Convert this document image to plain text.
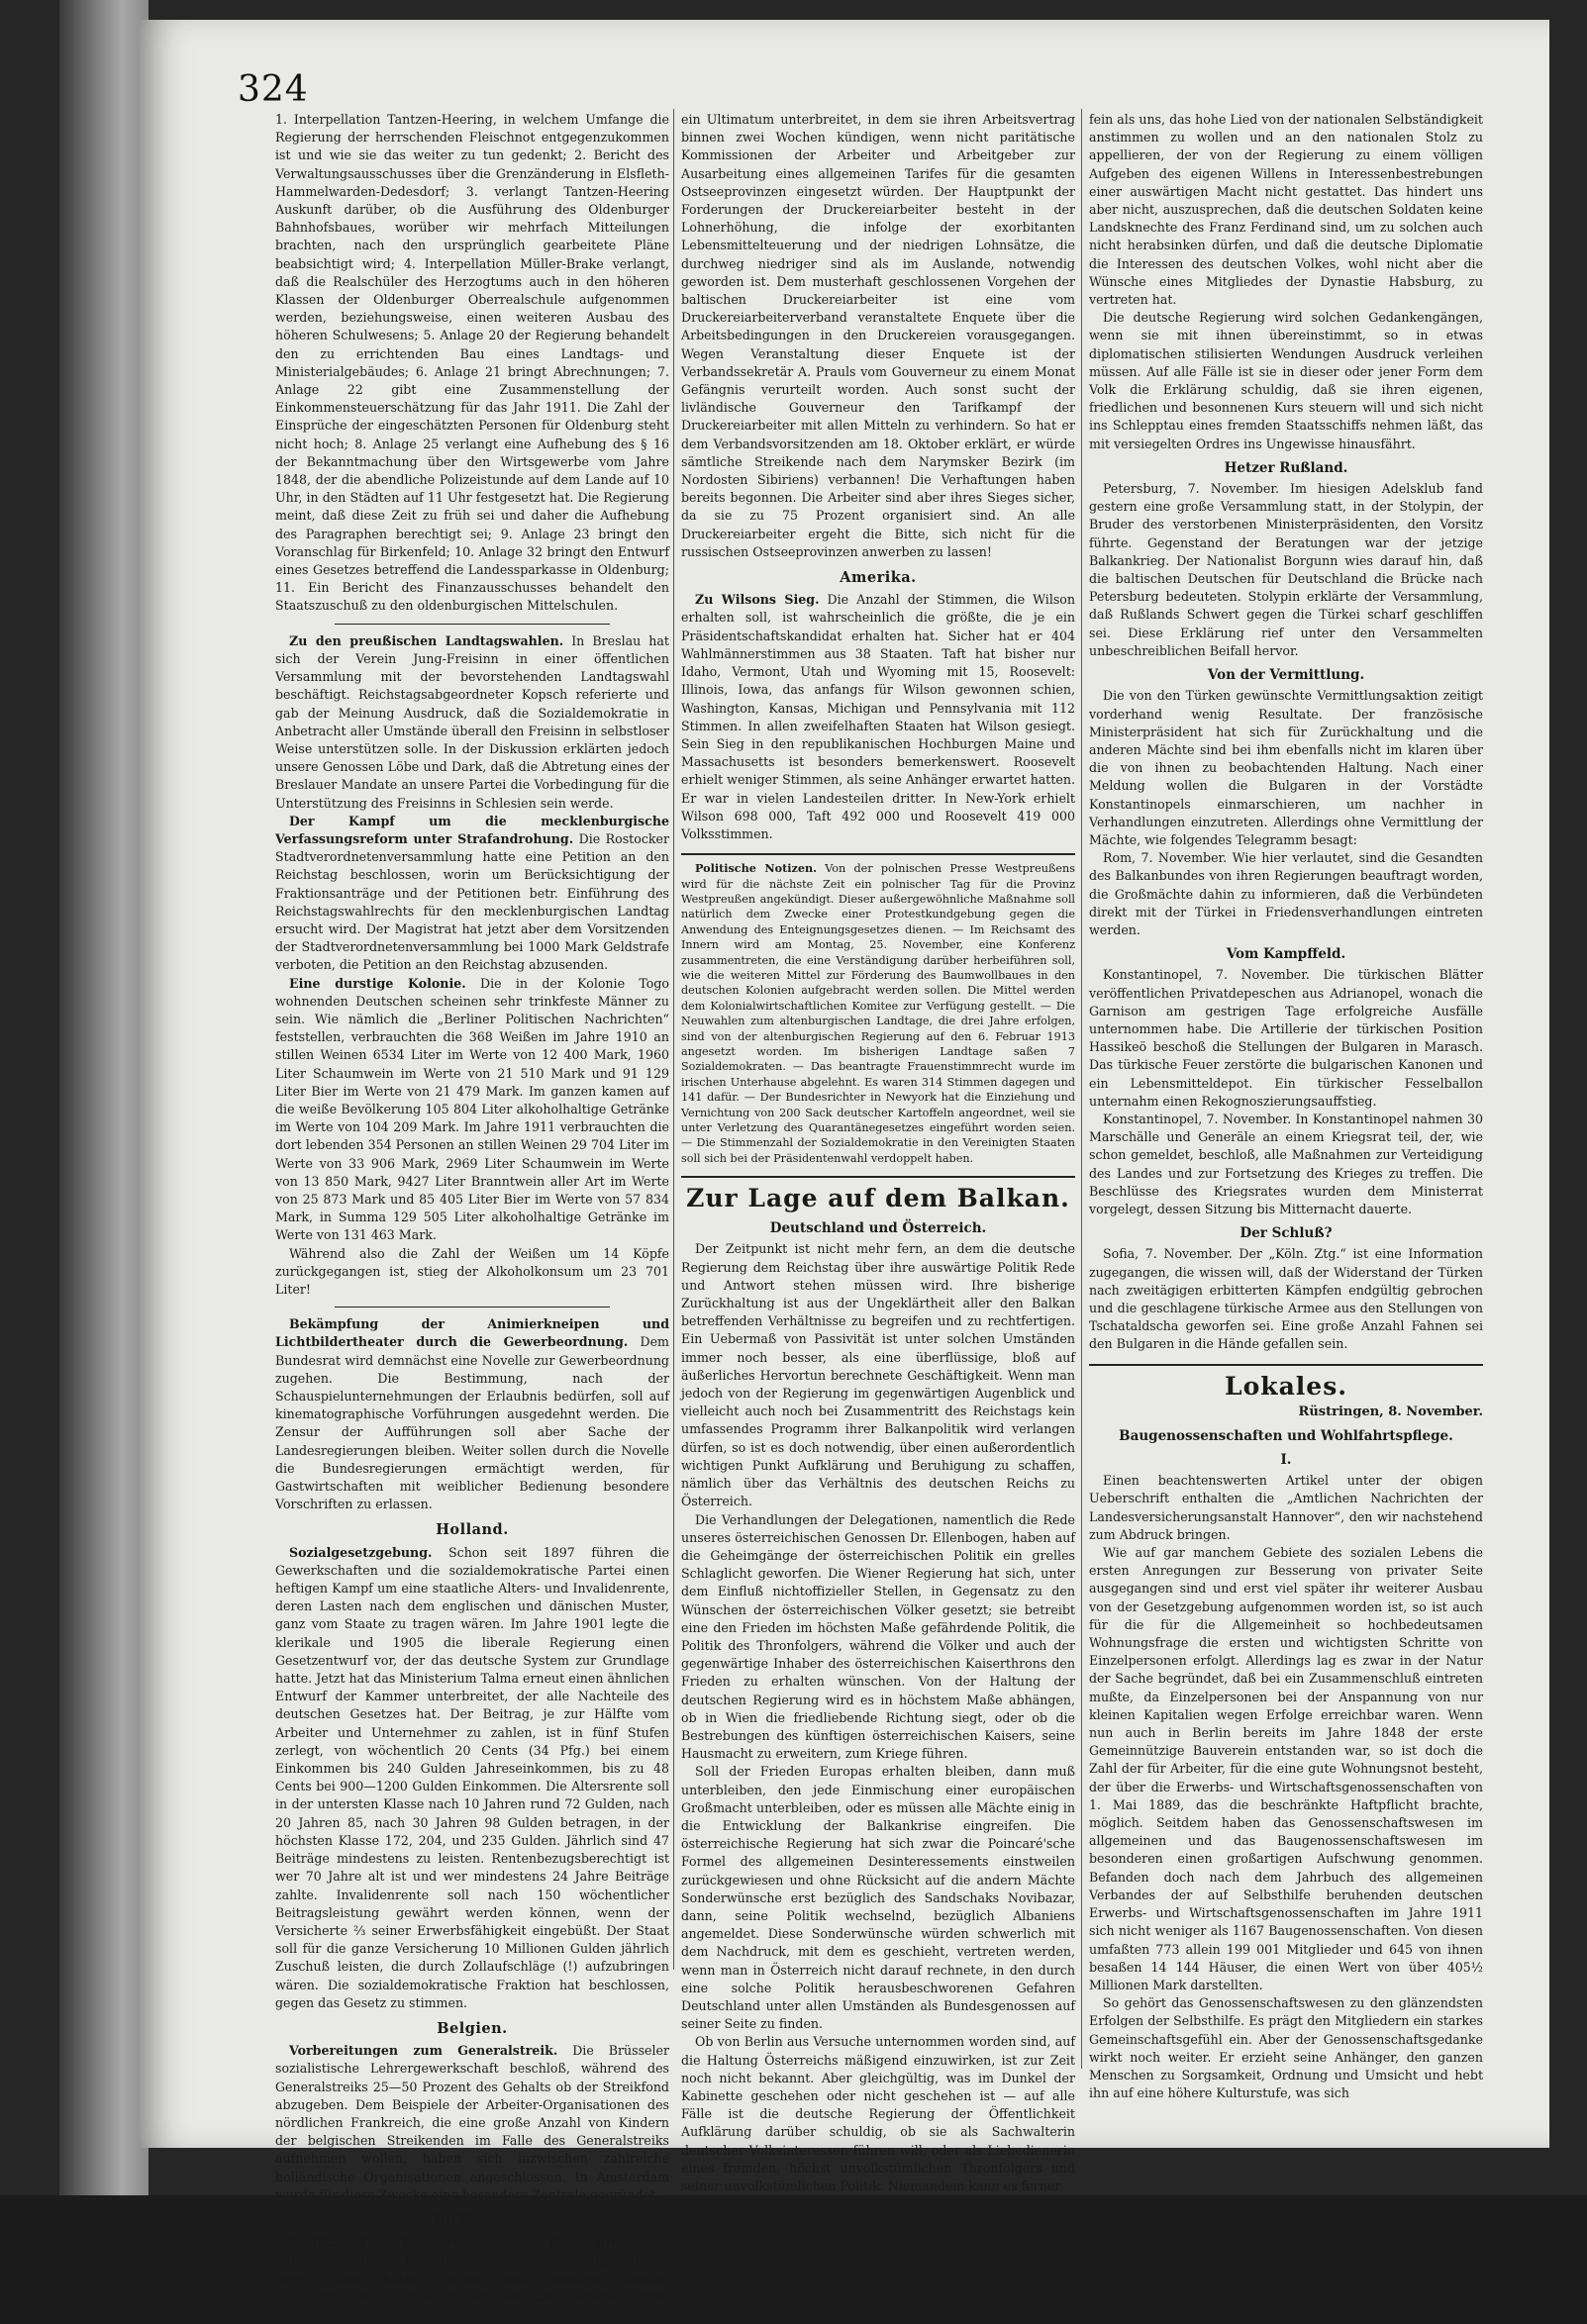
324

1. Interpellation Tantzen-Heering, in welchem Umfange die Regierung der herrschenden Fleischnot entgegenzukommen ist und wie sie das weiter zu tun gedenkt; 2. Bericht des Verwaltungsausschusses über die Grenzänderung in Elsfleth-Hammelwarden-Dedesdorf; 3. verlangt Tantzen-Heering Auskunft darüber, ob die Ausführung des Oldenburger Bahnhofsbaues, worüber wir mehrfach Mitteilungen brachten, nach den ursprünglich gearbeitete Pläne beabsichtigt wird; 4. Interpellation Müller-Brake verlangt, daß die Realschüler des Herzogtums auch in den höheren Klassen der Oldenburger Oberrealschule aufgenommen werden, beziehungsweise, einen weiteren Ausbau des höheren Schulwesens; 5. Anlage 20 der Regierung behandelt den zu errichtenden Bau eines Landtags- und Ministerialgebäudes; 6. Anlage 21 bringt Abrechnungen; 7. Anlage 22 gibt eine Zusammenstellung der Einkommensteuerschätzung für das Jahr 1911. Die Zahl der Einsprüche der eingeschätzten Personen für Oldenburg steht nicht hoch; 8. Anlage 25 verlangt eine Aufhebung des § 16 der Bekanntmachung über den Wirtsgewerbe vom Jahre 1848, der die abendliche Polizeistunde auf dem Lande auf 10 Uhr, in den Städten auf 11 Uhr festgesetzt hat. Die Regierung meint, daß diese Zeit zu früh sei und daher die Aufhebung des Paragraphen berechtigt sei; 9. Anlage 23 bringt den Voranschlag für Birkenfeld; 10. Anlage 32 bringt den Entwurf eines Gesetzes betreffend die Landessparkasse in Oldenburg; 11. Ein Bericht des Finanzausschusses behandelt den Staatszuschuß zu den oldenburgischen Mittelschulen.

Zu den preußischen Landtagswahlen. In Breslau hat sich der Verein Jung-Freisinn in einer öffentlichen Versammlung mit der bevorstehenden Landtagswahl beschäftigt. Reichstagsabgeordneter Kopsch referierte und gab der Meinung Ausdruck, daß die Sozialdemokratie in Anbetracht aller Umstände überall den Freisinn in selbstloser Weise unterstützen solle. In der Diskussion erklärten jedoch unsere Genossen Löbe und Dark, daß die Abtretung eines der Breslauer Mandate an unsere Partei die Vorbedingung für die Unterstützung des Freisinns in Schlesien sein werde.

Der Kampf um die mecklenburgische Verfassungsreform unter Strafandrohung. Die Rostocker Stadtverordnetenversammlung hatte eine Petition an den Reichstag beschlossen, worin um Berücksichtigung der Fraktionsanträge und der Petitionen betr. Einführung des Reichstagswahlrechts für den mecklenburgischen Landtag ersucht wird. Der Magistrat hat jetzt aber dem Vorsitzenden der Stadtverordnetenversammlung bei 1000 Mark Geldstrafe verboten, die Petition an den Reichstag abzusenden.

Eine durstige Kolonie. Die in der Kolonie Togo wohnenden Deutschen scheinen sehr trinkfeste Männer zu sein. Wie nämlich die „Berliner Politischen Nachrichten“ feststellen, verbrauchten die 368 Weißen im Jahre 1910 an stillen Weinen 6534 Liter im Werte von 12 400 Mark, 1960 Liter Schaumwein im Werte von 21 510 Mark und 91 129 Liter Bier im Werte von 21 479 Mark. Im ganzen kamen auf die weiße Bevölkerung 105 804 Liter alkoholhaltige Getränke im Werte von 104 209 Mark. Im Jahre 1911 verbrauchten die dort lebenden 354 Personen an stillen Weinen 29 704 Liter im Werte von 33 906 Mark, 2969 Liter Schaumwein im Werte von 13 850 Mark, 9427 Liter Branntwein aller Art im Werte von 25 873 Mark und 85 405 Liter Bier im Werte von 57 834 Mark, in Summa 129 505 Liter alkoholhaltige Getränke im Werte von 131 463 Mark.

Während also die Zahl der Weißen um 14 Köpfe zurückgegangen ist, stieg der Alkoholkonsum um 23 701 Liter!

Bekämpfung der Animierkneipen und Lichtbildertheater durch die Gewerbeordnung. Dem Bundesrat wird demnächst eine Novelle zur Gewerbeordnung zugehen. Die Bestimmung, nach der Schauspielunternehmungen der Erlaubnis bedürfen, soll auf kinematographische Vorführungen ausgedehnt werden. Die Zensur der Aufführungen soll aber Sache der Landesregierungen bleiben. Weiter sollen durch die Novelle die Bundesregierungen ermächtigt werden, für Gastwirtschaften mit weiblicher Bedienung besondere Vorschriften zu erlassen.

Holland.

Sozialgesetzgebung. Schon seit 1897 führen die Gewerkschaften und die sozialdemokratische Partei einen heftigen Kampf um eine staatliche Alters- und Invalidenrente, deren Lasten nach dem englischen und dänischen Muster, ganz vom Staate zu tragen wären. Im Jahre 1901 legte die klerikale und 1905 die liberale Regierung einen Gesetzentwurf vor, der das deutsche System zur Grundlage hatte. Jetzt hat das Ministerium Talma erneut einen ähnlichen Entwurf der Kammer unterbreitet, der alle Nachteile des deutschen Gesetzes hat. Der Beitrag, je zur Hälfte vom Arbeiter und Unternehmer zu zahlen, ist in fünf Stufen zerlegt, von wöchentlich 20 Cents (34 Pfg.) bei einem Einkommen bis 240 Gulden Jahreseinkommen, bis zu 48 Cents bei 900—1200 Gulden Einkommen. Die Altersrente soll in der untersten Klasse nach 10 Jahren rund 72 Gulden, nach 20 Jahren 85, nach 30 Jahren 98 Gulden betragen, in der höchsten Klasse 172, 204, und 235 Gulden. Jährlich sind 47 Beiträge mindestens zu leisten. Rentenbezugsberechtigt ist wer 70 Jahre alt ist und wer mindestens 24 Jahre Beiträge zahlte. Invalidenrente soll nach 150 wöchentlicher Beitragsleistung gewährt werden können, wenn der Versicherte ⅔ seiner Erwerbsfähigkeit eingebüßt. Der Staat soll für die ganze Versicherung 10 Millionen Gulden jährlich Zuschuß leisten, die durch Zollaufschläge (!) aufzubringen wären. Die sozialdemokratische Fraktion hat beschlossen, gegen das Gesetz zu stimmen.

Belgien.

Vorbereitungen zum Generalstreik. Die Brüsseler sozialistische Lehrergewerkschaft beschloß, während des Generalstreiks 25—50 Prozent des Gehalts ob der Streikfond abzugeben. Dem Beispiele der Arbeiter-Organisationen des nördlichen Frankreich, die eine große Anzahl von Kindern der belgischen Streikenden im Falle des Generalstreiks aufnehmen wollen, haben sich inzwischen zahlreiche holländische Organisationen angeschlossen. In Amsterdam wurde für diese Zwecke eine besondere Zentrale gegründet.

Rußland.

Tarifkampf der Buchdrucker in den Ostseeprovinzen. Sämtliche Arbeiter des Druckereigewerbes in Riga, Jurjew, Reval, Libau, Mitau, Pernau, Walk, Wenden, Wolmar, Goldingen und Schlok haben am 26. Oktober ihren Arbeitgebern

ein Ultimatum unterbreitet, in dem sie ihren Arbeitsvertrag binnen zwei Wochen kündigen, wenn nicht paritätische Kommissionen der Arbeiter und Arbeitgeber zur Ausarbeitung eines allgemeinen Tarifes für die gesamten Ostseeprovinzen eingesetzt würden. Der Hauptpunkt der Forderungen der Druckereiarbeiter besteht in der Lohnerhöhung, die infolge der exorbitanten Lebensmittelteuerung und der niedrigen Lohnsätze, die durchweg niedriger sind als im Auslande, notwendig geworden ist. Dem musterhaft geschlossenen Vorgehen der baltischen Druckereiarbeiter ist eine vom Druckereiarbeiterverband veranstaltete Enquete über die Arbeitsbedingungen in den Druckereien vorausgegangen. Wegen Veranstaltung dieser Enquete ist der Verbandssekretär A. Prauls vom Gouverneur zu einem Monat Gefängnis verurteilt worden. Auch sonst sucht der livländische Gouverneur den Tarifkampf der Druckereiarbeiter mit allen Mitteln zu verhindern. So hat er dem Verbandsvorsitzenden am 18. Oktober erklärt, er würde sämtliche Streikende nach dem Narymsker Bezirk (im Nordosten Sibiriens) verbannen! Die Verhaftungen haben bereits begonnen. Die Arbeiter sind aber ihres Sieges sicher, da sie zu 75 Prozent organisiert sind. An alle Druckereiarbeiter ergeht die Bitte, sich nicht für die russischen Ostseeprovinzen anwerben zu lassen!

Amerika.

Zu Wilsons Sieg. Die Anzahl der Stimmen, die Wilson erhalten soll, ist wahrscheinlich die größte, die je ein Präsidentschaftskandidat erhalten hat. Sicher hat er 404 Wahlmännerstimmen aus 38 Staaten. Taft hat bisher nur Idaho, Vermont, Utah und Wyoming mit 15, Roosevelt: Illinois, Iowa, das anfangs für Wilson gewonnen schien, Washington, Kansas, Michigan und Pennsylvania mit 112 Stimmen. In allen zweifelhaften Staaten hat Wilson gesiegt. Sein Sieg in den republikanischen Hochburgen Maine und Massachusetts ist besonders bemerkenswert. Roosevelt erhielt weniger Stimmen, als seine Anhänger erwartet hatten. Er war in vielen Landesteilen dritter. In New-York erhielt Wilson 698 000, Taft 492 000 und Roosevelt 419 000 Volksstimmen.

Politische Notizen. Von der polnischen Presse Westpreußens wird für die nächste Zeit ein polnischer Tag für die Provinz Westpreußen angekündigt. Dieser außergewöhnliche Maßnahme soll natürlich dem Zwecke einer Protestkundgebung gegen die Anwendung des Enteignungsgesetzes dienen. — Im Reichsamt des Innern wird am Montag, 25. November, eine Konferenz zusammentreten, die eine Verständigung darüber herbeiführen soll, wie die weiteren Mittel zur Förderung des Baumwollbaues in den deutschen Kolonien aufgebracht werden sollen. Die Mittel werden dem Kolonialwirtschaftlichen Komitee zur Verfügung gestellt. — Die Neuwahlen zum altenburgischen Landtage, die drei Jahre erfolgen, sind von der altenburgischen Regierung auf den 6. Februar 1913 angesetzt worden. Im bisherigen Landtage saßen 7 Sozialdemokraten. — Das beantragte Frauenstimmrecht wurde im irischen Unterhause abgelehnt. Es waren 314 Stimmen dagegen und 141 dafür. — Der Bundesrichter in Newyork hat die Einziehung und Vernichtung von 200 Sack deutscher Kartoffeln angeordnet, weil sie unter Verletzung des Quarantänegesetzes eingeführt worden seien. — Die Stimmenzahl der Sozialdemokratie in den Vereinigten Staaten soll sich bei der Präsidentenwahl verdoppelt haben.

Zur Lage auf dem Balkan.
Deutschland und Österreich.

Der Zeitpunkt ist nicht mehr fern, an dem die deutsche Regierung dem Reichstag über ihre auswärtige Politik Rede und Antwort stehen müssen wird. Ihre bisherige Zurückhaltung ist aus der Ungeklärtheit aller den Balkan betreffenden Verhältnisse zu begreifen und zu rechtfertigen. Ein Uebermaß von Passivität ist unter solchen Umständen immer noch besser, als eine überflüssige, bloß auf äußerliches Hervortun berechnete Geschäftigkeit. Wenn man jedoch von der Regierung im gegenwärtigen Augenblick und vielleicht auch noch bei Zusammentritt des Reichstags kein umfassendes Programm ihrer Balkanpolitik wird verlangen dürfen, so ist es doch notwendig, über einen außerordentlich wichtigen Punkt Aufklärung und Beruhigung zu schaffen, nämlich über das Verhältnis des deutschen Reichs zu Österreich.

Die Verhandlungen der Delegationen, namentlich die Rede unseres österreichischen Genossen Dr. Ellenbogen, haben auf die Geheimgänge der österreichischen Politik ein grelles Schlaglicht geworfen. Die Wiener Regierung hat sich, unter dem Einfluß nichtoffizieller Stellen, in Gegensatz zu den Wünschen der österreichischen Völker gesetzt; sie betreibt eine den Frieden im höchsten Maße gefährdende Politik, die Politik des Thronfolgers, während die Völker und auch der gegenwärtige Inhaber des österreichischen Kaiserthrons den Frieden zu erhalten wünschen. Von der Haltung der deutschen Regierung wird es in höchstem Maße abhängen, ob in Wien die friedliebende Richtung siegt, oder ob die Bestrebungen des künftigen österreichischen Kaisers, seine Hausmacht zu erweitern, zum Kriege führen.

Soll der Frieden Europas erhalten bleiben, dann muß unterbleiben, den jede Einmischung einer europäischen Großmacht unterbleiben, oder es müssen alle Mächte einig in die Entwicklung der Balkankrise eingreifen. Die österreichische Regierung hat sich zwar die Poincaré'sche Formel des allgemeinen Desinteressements einstweilen zurückgewiesen und ohne Rücksicht auf die andern Mächte Sonderwünsche erst bezüglich des Sandschaks Novibazar, dann, seine Politik wechselnd, bezüglich Albaniens angemeldet. Diese Sonderwünsche würden schwerlich mit dem Nachdruck, mit dem es geschieht, vertreten werden, wenn man in Österreich nicht darauf rechnete, in den durch eine solche Politik herausbeschworenen Gefahren Deutschland unter allen Umständen als Bundesgenossen auf seiner Seite zu finden.

Ob von Berlin aus Versuche unternommen worden sind, auf die Haltung Österreichs mäßigend einzuwirken, ist zur Zeit noch nicht bekannt. Aber gleichgültig, was im Dunkel der Kabinette geschehen oder nicht geschehen ist — auf alle Fälle ist die deutsche Regierung der Öffentlichkeit Aufklärung darüber schuldig, ob sie als Sachwalterin deutscher Volksinteressen führen will, oder als Liebedienerin eines fremden, höchst unvolkstümlichen Thronfolgers und seiner unvolkstümlichen Politik. Niemandem kann es ferner

fein als uns, das hohe Lied von der nationalen Selbständigkeit anstimmen zu wollen und an den nationalen Stolz zu appellieren, der von der Regierung zu einem völligen Aufgeben des eigenen Willens in Interessenbestrebungen einer auswärtigen Macht nicht gestattet. Das hindert uns aber nicht, auszusprechen, daß die deutschen Soldaten keine Landsknechte des Franz Ferdinand sind, um zu solchen auch nicht herabsinken dürfen, und daß die deutsche Diplomatie die Interessen des deutschen Volkes, wohl nicht aber die Wünsche eines Mitgliedes der Dynastie Habsburg, zu vertreten hat.

Die deutsche Regierung wird solchen Gedankengängen, wenn sie mit ihnen übereinstimmt, so in etwas diplomatischen stilisierten Wendungen Ausdruck verleihen müssen. Auf alle Fälle ist sie in dieser oder jener Form dem Volk die Erklärung schuldig, daß sie ihren eigenen, friedlichen und besonnenen Kurs steuern will und sich nicht ins Schlepptau eines fremden Staatsschiffs nehmen läßt, das mit versiegelten Ordres ins Ungewisse hinausfährt.

Hetzer Rußland.

Petersburg, 7. November. Im hiesigen Adelsklub fand gestern eine große Versammlung statt, in der Stolypin, der Bruder des verstorbenen Ministerpräsidenten, den Vorsitz führte. Gegenstand der Beratungen war der jetzige Balkankrieg. Der Nationalist Borgunn wies darauf hin, daß die baltischen Deutschen für Deutschland die Brücke nach Petersburg bedeuteten. Stolypin erklärte der Versammlung, daß Rußlands Schwert gegen die Türkei scharf geschliffen sei. Diese Erklärung rief unter den Versammelten unbeschreiblichen Beifall hervor.

Von der Vermittlung.

Die von den Türken gewünschte Vermittlungsaktion zeitigt vorderhand wenig Resultate. Der französische Ministerpräsident hat sich für Zurückhaltung und die anderen Mächte sind bei ihm ebenfalls nicht im klaren über die von ihnen zu beobachtenden Haltung. Nach einer Meldung wollen die Bulgaren in der Vorstädte Konstantinopels einmarschieren, um nachher in Verhandlungen einzutreten. Allerdings ohne Vermittlung der Mächte, wie folgendes Telegramm besagt:

Rom, 7. November. Wie hier verlautet, sind die Gesandten des Balkanbundes von ihren Regierungen beauftragt worden, die Großmächte dahin zu informieren, daß die Verbündeten direkt mit der Türkei in Friedensverhandlungen eintreten werden.

Vom Kampffeld.

Konstantinopel, 7. November. Die türkischen Blätter veröffentlichen Privatdepeschen aus Adrianopel, wonach die Garnison am gestrigen Tage erfolgreiche Ausfälle unternommen habe. Die Artillerie der türkischen Position Hassikeö beschoß die Stellungen der Bulgaren in Marasch. Das türkische Feuer zerstörte die bulgarischen Kanonen und ein Lebensmitteldepot. Ein türkischer Fesselballon unternahm einen Rekognoszierungsauffstieg.

Konstantinopel, 7. November. In Konstantinopel nahmen 30 Marschälle und Generäle an einem Kriegsrat teil, der, wie schon gemeldet, beschloß, alle Maßnahmen zur Verteidigung des Landes und zur Fortsetzung des Krieges zu treffen. Die Beschlüsse des Kriegsrates wurden dem Ministerrat vorgelegt, dessen Sitzung bis Mitternacht dauerte.

Der Schluß?

Sofia, 7. November. Der „Köln. Ztg.“ ist eine Information zugegangen, die wissen will, daß der Widerstand der Türken nach zweitägigen erbitterten Kämpfen endgültig gebrochen und die geschlagene türkische Armee aus den Stellungen von Tschataldscha geworfen sei. Eine große Anzahl Fahnen sei den Bulgaren in die Hände gefallen sein.

Lokales.
Rüstringen, 8. November.
Baugenossenschaften und Wohlfahrtspflege.
I.

Einen beachtenswerten Artikel unter der obigen Ueberschrift enthalten die „Amtlichen Nachrichten der Landesversicherungsanstalt Hannover“, den wir nachstehend zum Abdruck bringen.

Wie auf gar manchem Gebiete des sozialen Lebens die ersten Anregungen zur Besserung von privater Seite ausgegangen sind und erst viel später ihr weiterer Ausbau von der Gesetzgebung aufgenommen worden ist, so ist auch für die für die Allgemeinheit so hochbedeutsamen Wohnungsfrage die ersten und wichtigsten Schritte von Einzelpersonen erfolgt. Allerdings lag es zwar in der Natur der Sache begründet, daß bei ein Zusammenschluß eintreten mußte, da Einzelpersonen bei der Anspannung von nur kleinen Kapitalien wegen Erfolge erreichbar waren. Wenn nun auch in Berlin bereits im Jahre 1848 der erste Gemeinnützige Bauverein entstanden war, so ist doch die Zahl der für Arbeiter, für die eine gute Wohnungsnot besteht, der über die Erwerbs- und Wirtschaftsgenossenschaften von 1. Mai 1889, das die beschränkte Haftpflicht brachte, möglich. Seitdem haben das Genossenschaftswesen im allgemeinen und das Baugenossenschaftswesen im besonderen einen großartigen Aufschwung genommen. Befanden doch nach dem Jahrbuch des allgemeinen Verbandes der auf Selbsthilfe beruhenden deutschen Erwerbs- und Wirtschaftsgenossenschaften im Jahre 1911 sich nicht weniger als 1167 Baugenossenschaften. Von diesen umfaßten 773 allein 199 001 Mitglieder und 645 von ihnen besaßen 14 144 Häuser, die einen Wert von über 405½ Millionen Mark darstellten.

So gehört das Genossenschaftswesen zu den glänzendsten Erfolgen der Selbsthilfe. Es prägt den Mitgliedern ein starkes Gemeinschaftsgefühl ein. Aber der Genossenschaftsgedanke wirkt noch weiter. Er erzieht seine Anhänger, den ganzen Menschen zu Sorgsamkeit, Ordnung und Umsicht und hebt ihn auf eine höhere Kulturstufe, was sich
